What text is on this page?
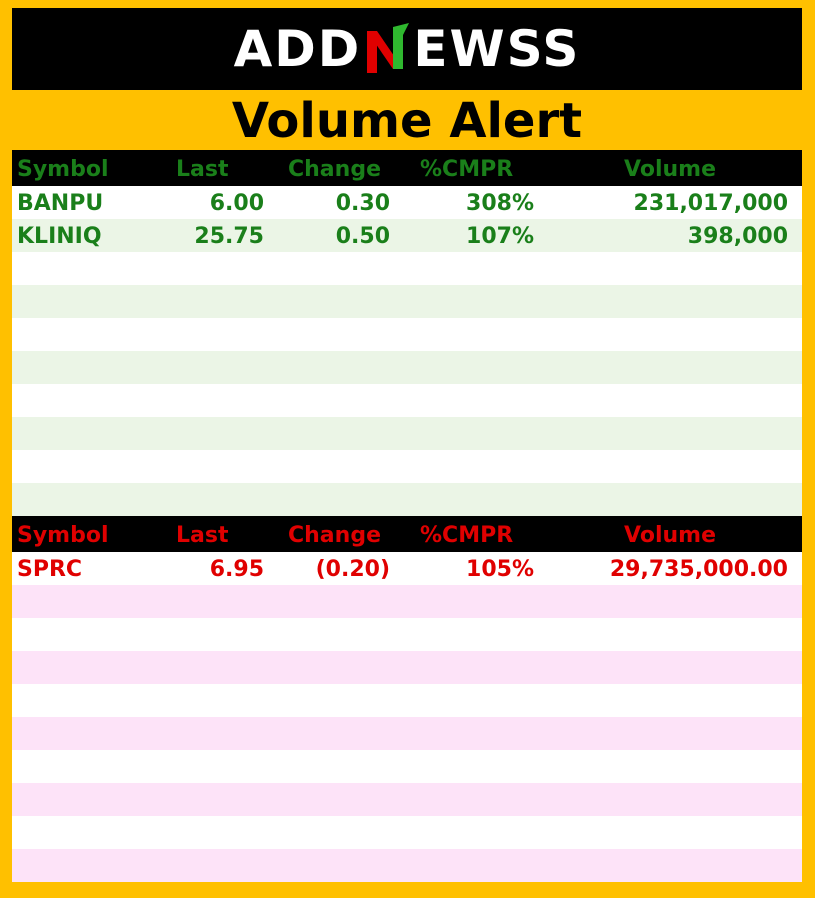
ADD EWSS
Volume Alert
Symbol	Last	Change %CMPR	Volume
BANPU	6.00	0.30	308%	231,017,000
KLINIQ	25.75	0.50	107%	398,000
Symbol	Last	Change %CMPR	Volume
SPRC	6.95 (0.20)	105%	29,735,000.00
